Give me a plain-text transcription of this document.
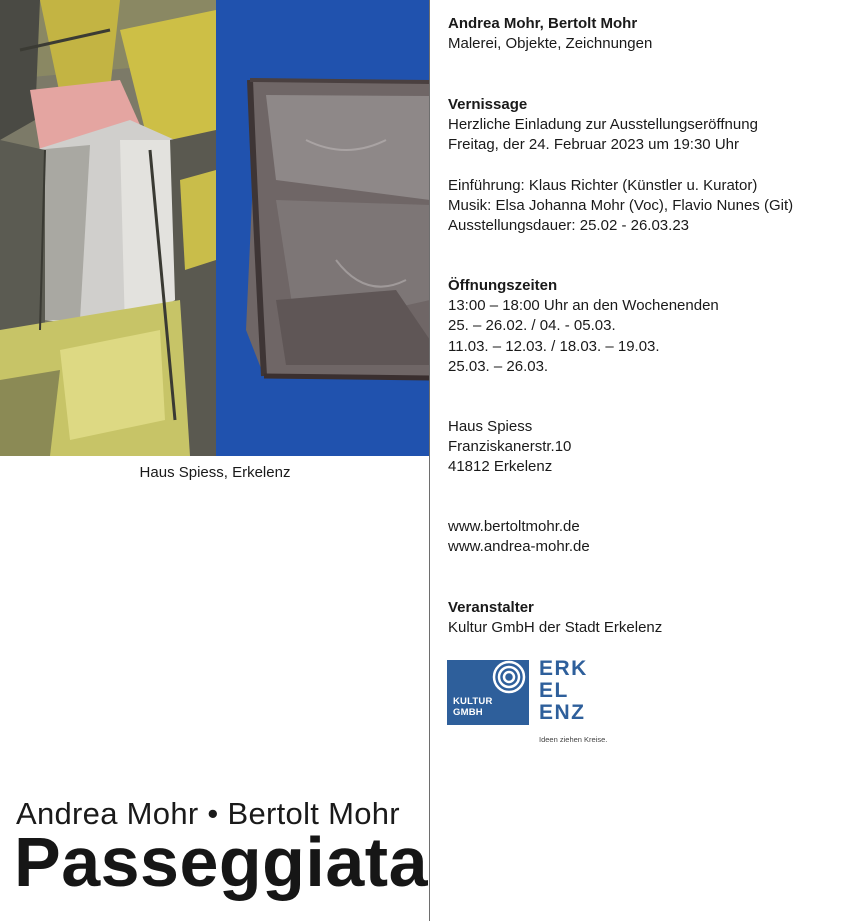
Haus Spiess, Erkelenz
Andrea Mohr • Bertolt Mohr
Passeggiata
Andrea Mohr, Bertolt Mohr
Malerei, Objekte, Zeichnungen
Vernissage
Herzliche Einladung zur Ausstellungseröffnung
Freitag, der 24. Februar 2023 um 19:30 Uhr
Einführung: Klaus Richter (Künstler u. Kurator)
Musik: Elsa Johanna Mohr (Voc), Flavio Nunes (Git)
Ausstellungsdauer: 25.02 - 26.03.23
Öffnungszeiten
13:00 – 18:00 Uhr an den Wochenenden
25. – 26.02. / 04. - 05.03.
11.03. – 12.03. / 18.03. – 19.03.
25.03. – 26.03.
Haus Spiess
Franziskanerstr.10
41812 Erkelenz
www.bertoltmohr.de
www.andrea-mohr.de
Veranstalter
Kultur GmbH der Stadt Erkelenz
KULTUR
GMBH
ERK
EL
ENZ
Ideen ziehen Kreise.
